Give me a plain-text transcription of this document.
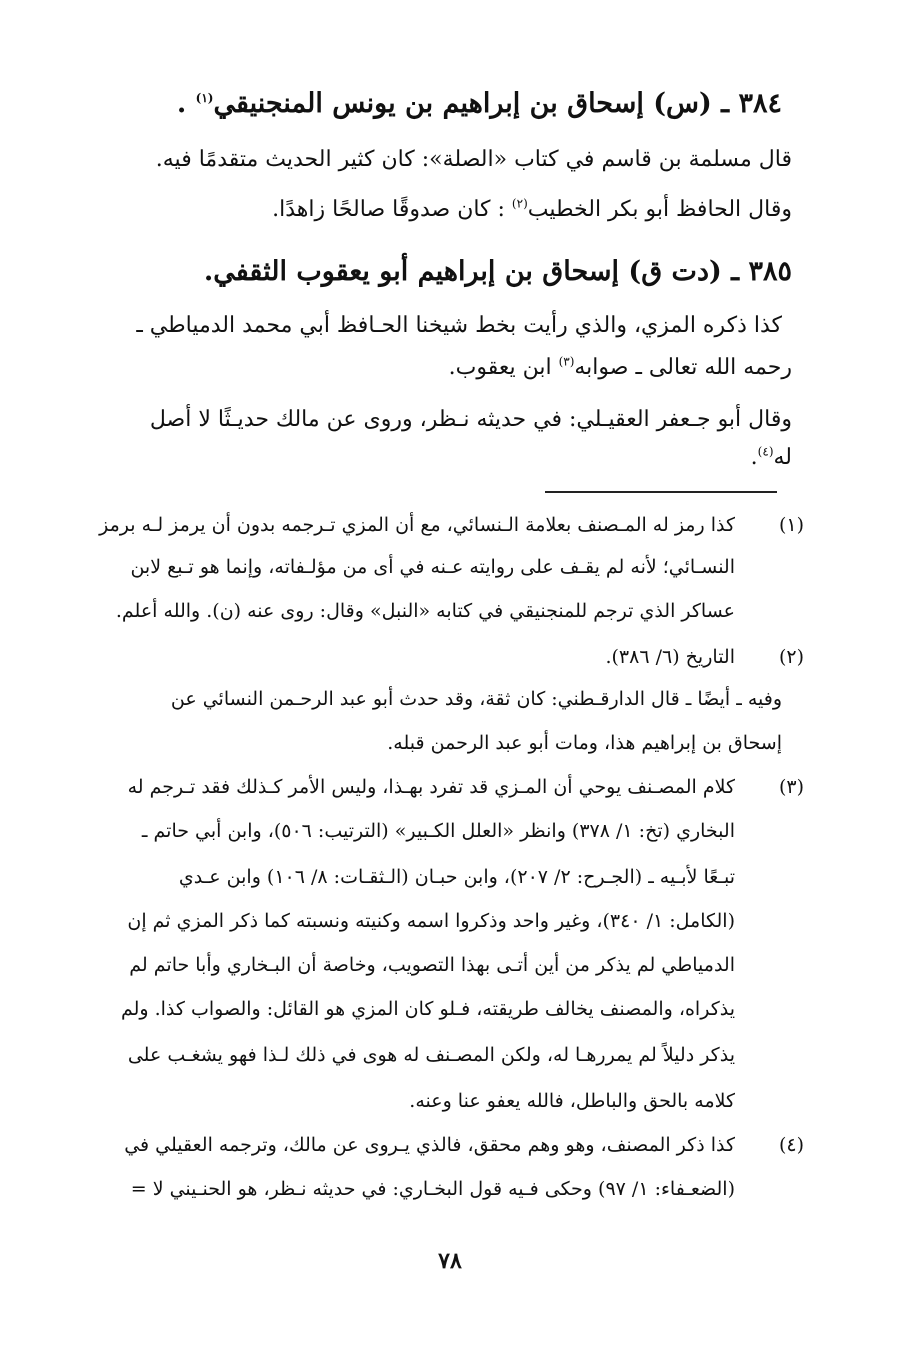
٣٨٤ ـ (س) إسحاق بن إبراهيم بن يونس المنجنيقي$^{(١)}$ .
قال مسلمة بن قاسم في كتاب «الصلة»: كان كثير الحديث متقدمًا فيه.
وقال الحافظ أبو بكر الخطيب$^{(٢)}$ : كان صدوقًا صالحًا زاهدًا.
٣٨٥ ـ (دت ق) إسحاق بن إبراهيم أبو يعقوب الثقفي.
كذا ذكره المزي، والذي رأيت بخط شيخنا الحـافظ أبي محمد الدمياطي ـ
رحمه الله تعالى ـ صوابه$^{(٣)}$ ابن يعقوب.
وقال أبو جـعفر العقيـلي: في حديثه نـظر، وروى عن مالك حديـثًا لا أصل
له$^{(٤)}$.
(١)
كذا رمز له المـصنف بعلامة الـنسائي، مع أن المزي تـرجمه بدون أن يرمز لـه برمز
النسـائي؛ لأنه لم يقـف على روايته عـنه في أى من مؤلـفاته، وإنما هو تـبع لابن
عساكر الذي ترجم للمنجنيقي في كتابه «النبل» وقال: روى عنه (ن). والله أعلم.
(٢)
التاريخ (٦/ ٣٨٦).
وفيه ـ أيضًا ـ قال الدارقـطني: كان ثقة، وقد حدث أبو عبد الرحـمن النسائي عن
إسحاق بن إبراهيم هذا، ومات أبو عبد الرحمن قبله.
(٣)
كلام المصـنف يوحي أن المـزي قد تفرد بهـذا، وليس الأمر كـذلك فقد تـرجم له
البخاري (تخ: ١/ ٣٧٨) وانظر «العلل الكـبير» (الترتيب: ٥٠٦)، وابن أبي حاتم ـ
تبـعًا لأبـيه ـ (الجـرح: ٢/ ٢٠٧)، وابن حبـان (الـثقـات: ٨/ ١٠٦) وابن عـدي
(الكامل: ١/ ٣٤٠)، وغير واحد وذكروا اسمه وكنيته ونسبته كما ذكر المزي ثم إن
الدمياطي لم يذكر من أين أتـى بهذا التصويب، وخاصة أن البـخاري وأبا حاتم لم
يذكراه، والمصنف يخالف طريقته، فـلو كان المزي هو القائل: والصواب كذا. ولم
يذكر دليلاً لم يمررهـا له، ولكن المصـنف له هوى في ذلك لـذا فهو يشغـب على
كلامه بالحق والباطل، فالله يعفو عنا وعنه.
(٤)
كذا ذكر المصنف، وهو وهم محقق، فالذي يـروى عن مالك، وترجمه العقيلي في
(الضعـفاء: ١/ ٩٧) وحكى فـيه قول البخـاري: في حديثه نـظر، هو الحنـيني لا =
٧٨
